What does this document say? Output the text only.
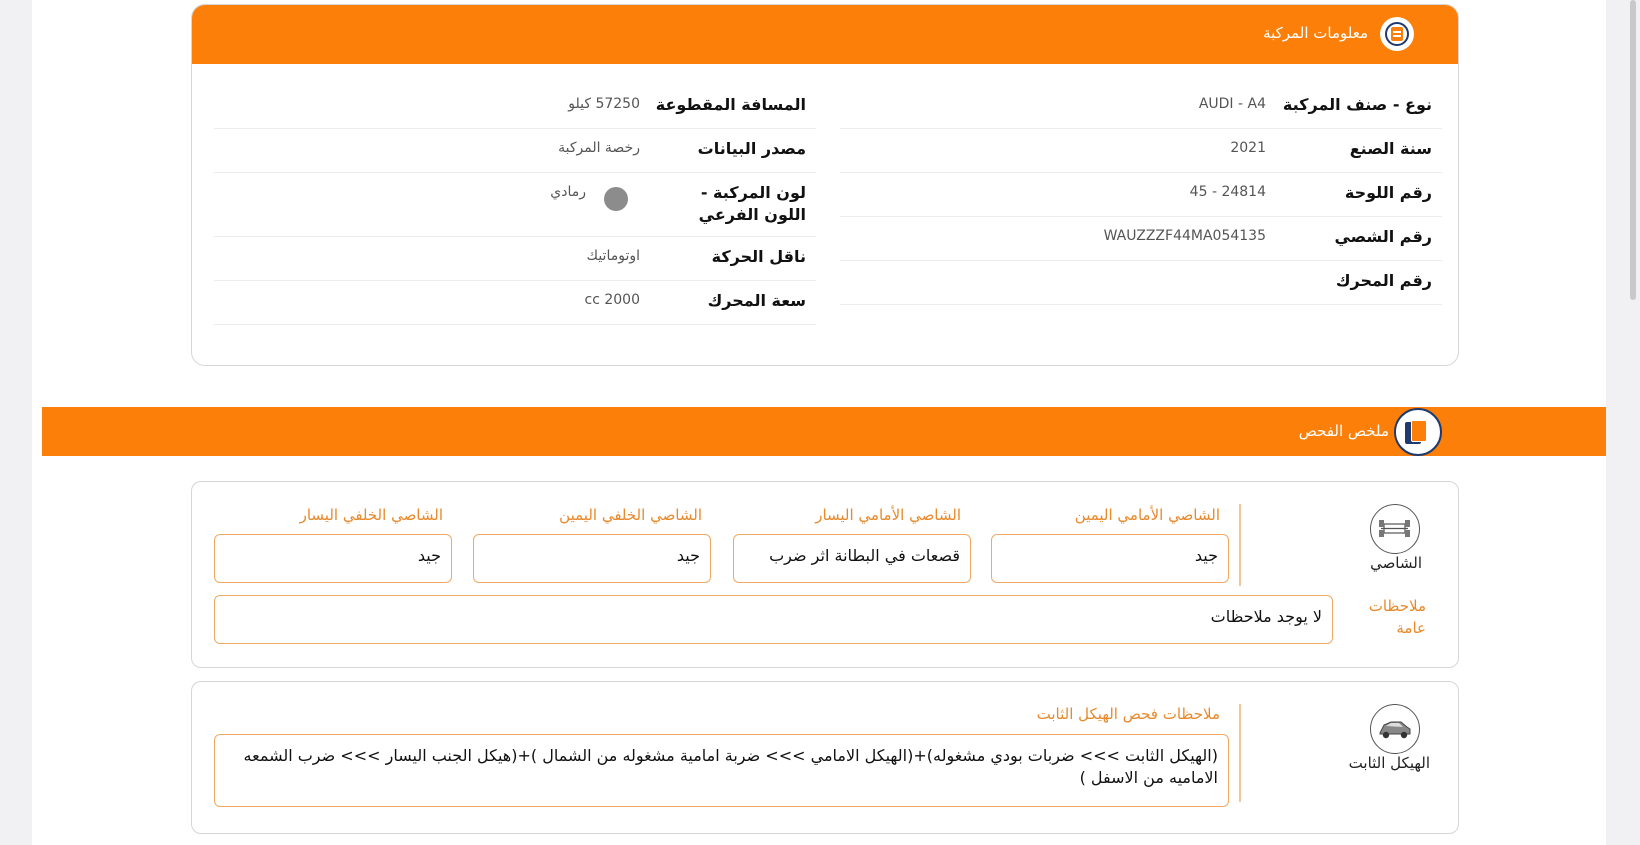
معلومات المركبة
نوع - صنف المركبة
AUDI - A4
سنة الصنع
2021
رقم اللوحة
24814 - 45
رقم الشصي
WAUZZZF44MA054135
رقم المحرك
المسافة المقطوعة
57250 كيلو
مصدر البيانات
رخصة المركبة
لون المركبة - اللون الفرعي
رمادي
ناقل الحركة
اوتوماتيك
سعة المحرك
cc 2000
ملخص الفحص
الشاصي
الشاصي الأمامي اليمين
جيد
الشاصي الأمامي اليسار
قصعات في البطانة اثر ضرب
الشاصي الخلفي اليمين
جيد
الشاصي الخلفي اليسار
جيد
ملاحظات عامة
لا يوجد ملاحظات
الهيكل الثابت
ملاحظات فحص الهيكل الثابت
(الهيكل الثابت >>> ضربات بودي مشغوله)+(الهيكل الامامي >>> ضربة امامية مشغوله من الشمال )+(هيكل الجنب اليسار >>> ضرب الشمعه الاماميه من الاسفل )
